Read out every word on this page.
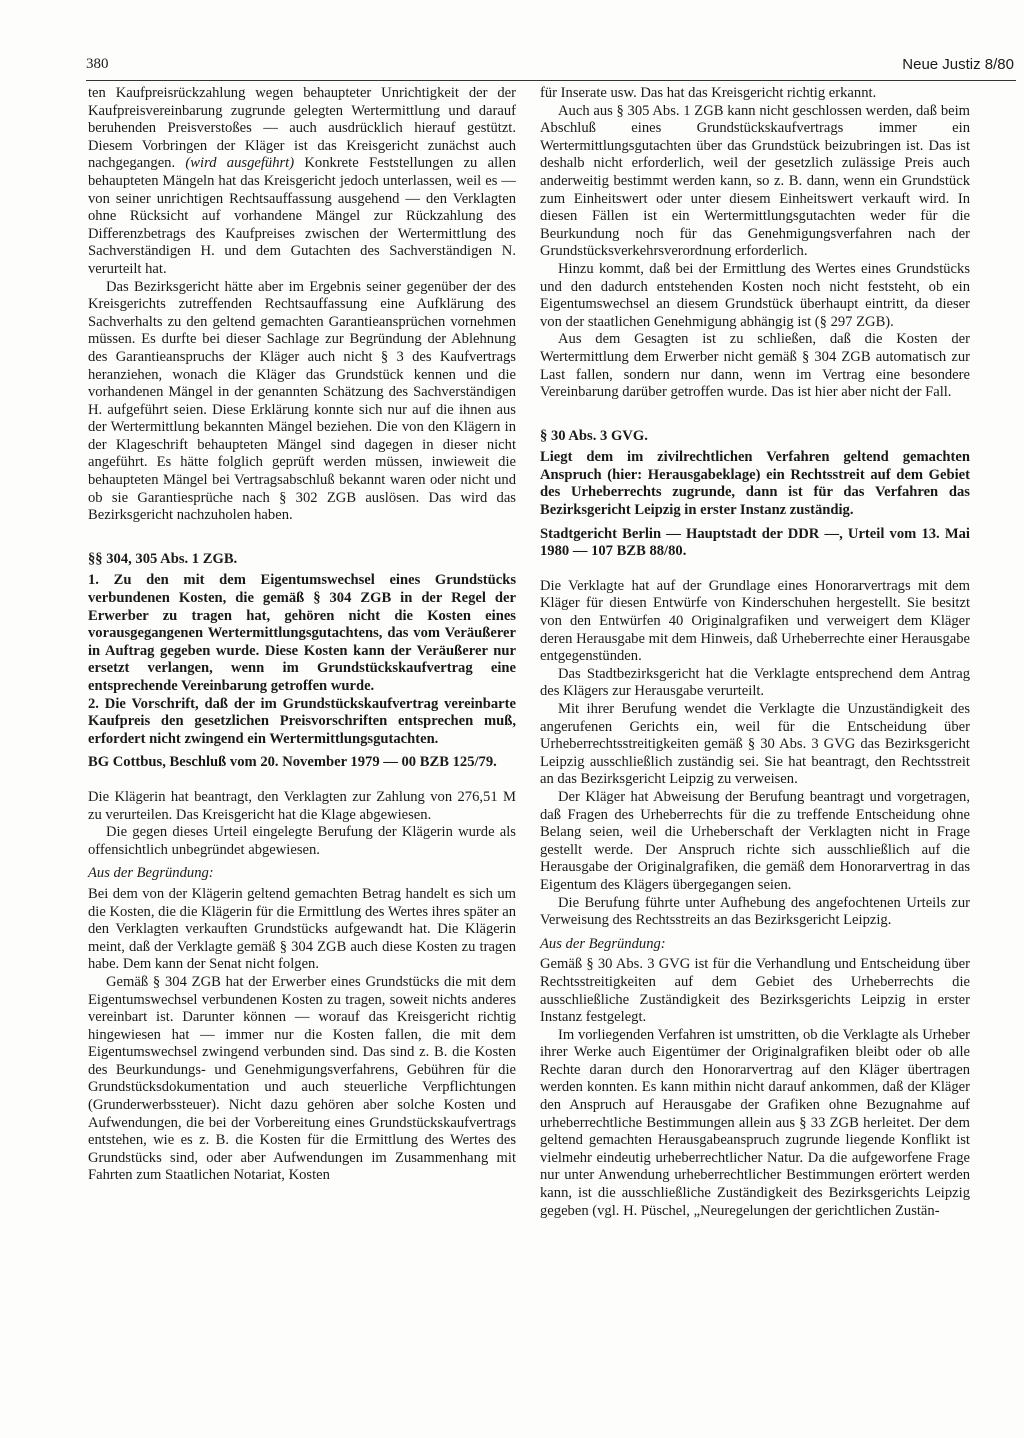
380	Neue Justiz 8/80

ten Kaufpreisrückzahlung wegen behaupteter Unrichtigkeit der der Kaufpreisvereinbarung zugrunde gelegten Wertermittlung und darauf beruhenden Preisverstoßes — auch ausdrücklich hierauf gestützt. Diesem Vorbringen der Kläger ist das Kreisgericht zunächst auch nachgegangen. (wird ausgeführt) Konkrete Feststellungen zu allen behaupteten Mängeln hat das Kreisgericht jedoch unterlassen, weil es — von seiner unrichtigen Rechtsauffassung ausgehend — den Verklagten ohne Rücksicht auf vorhandene Mängel zur Rückzahlung des Differenzbetrags des Kaufpreises zwischen der Wertermittlung des Sachverständigen H. und dem Gutachten des Sachverständigen N. verurteilt hat.

Das Bezirksgericht hätte aber im Ergebnis seiner gegenüber der des Kreisgerichts zutreffenden Rechtsauffassung eine Aufklärung des Sachverhalts zu den geltend gemachten Garantieansprüchen vornehmen müssen. Es durfte bei dieser Sachlage zur Begründung der Ablehnung des Garantieanspruchs der Kläger auch nicht § 3 des Kaufvertrags heranziehen, wonach die Kläger das Grundstück kennen und die vorhandenen Mängel in der genannten Schätzung des Sachverständigen H. aufgeführt seien. Diese Erklärung konnte sich nur auf die ihnen aus der Wertermittlung bekannten Mängel beziehen. Die von den Klägern in der Klageschrift behaupteten Mängel sind dagegen in dieser nicht angeführt. Es hätte folglich geprüft werden müssen, inwieweit die behaupteten Mängel bei Vertragsabschluß bekannt waren oder nicht und ob sie Garantiesprüche nach § 302 ZGB auslösen. Das wird das Bezirksgericht nachzuholen haben.

§§ 304, 305 Abs. 1 ZGB.

1. Zu den mit dem Eigentumswechsel eines Grundstücks verbundenen Kosten, die gemäß § 304 ZGB in der Regel der Erwerber zu tragen hat, gehören nicht die Kosten eines vorausgegangenen Wertermittlungsgutachtens, das vom Veräußerer in Auftrag gegeben wurde. Diese Kosten kann der Veräußerer nur ersetzt verlangen, wenn im Grundstückskaufvertrag eine entsprechende Vereinbarung getroffen wurde.

2. Die Vorschrift, daß der im Grundstückskaufvertrag vereinbarte Kaufpreis den gesetzlichen Preisvorschriften entsprechen muß, erfordert nicht zwingend ein Wertermittlungsgutachten.

BG Cottbus, Beschluß vom 20. November 1979 — 00 BZB 125/79.

Die Klägerin hat beantragt, den Verklagten zur Zahlung von 276,51 M zu verurteilen. Das Kreisgericht hat die Klage abgewiesen.

Die gegen dieses Urteil eingelegte Berufung der Klägerin wurde als offensichtlich unbegründet abgewiesen.

Aus der Begründung:

Bei dem von der Klägerin geltend gemachten Betrag handelt es sich um die Kosten, die die Klägerin für die Ermittlung des Wertes ihres später an den Verklagten verkauften Grundstücks aufgewandt hat. Die Klägerin meint, daß der Verklagte gemäß § 304 ZGB auch diese Kosten zu tragen habe. Dem kann der Senat nicht folgen.

Gemäß § 304 ZGB hat der Erwerber eines Grundstücks die mit dem Eigentumswechsel verbundenen Kosten zu tragen, soweit nichts anderes vereinbart ist. Darunter können — worauf das Kreisgericht richtig hingewiesen hat — immer nur die Kosten fallen, die mit dem Eigentumswechsel zwingend verbunden sind. Das sind z. B. die Kosten des Beurkundungs- und Genehmigungsverfahrens, Gebühren für die Grundstücksdokumentation und auch steuerliche Verpflichtungen (Grunderwerbssteuer). Nicht dazu gehören aber solche Kosten und Aufwendungen, die bei der Vorbereitung eines Grundstückskaufvertrags entstehen, wie es z. B. die Kosten für die Ermittlung des Wertes des Grundstücks sind, oder aber Aufwendungen im Zusammenhang mit Fahrten zum Staatlichen Notariat, Kosten

für Inserate usw. Das hat das Kreisgericht richtig erkannt.

Auch aus § 305 Abs. 1 ZGB kann nicht geschlossen werden, daß beim Abschluß eines Grundstückskaufvertrags immer ein Wertermittlungsgutachten über das Grundstück beizubringen ist. Das ist deshalb nicht erforderlich, weil der gesetzlich zulässige Preis auch anderweitig bestimmt werden kann, so z. B. dann, wenn ein Grundstück zum Einheitswert oder unter diesem Einheitswert verkauft wird. In diesen Fällen ist ein Wertermittlungsgutachten weder für die Beurkundung noch für das Genehmigungsverfahren nach der Grundstücksverkehrsverordnung erforderlich.

Hinzu kommt, daß bei der Ermittlung des Wertes eines Grundstücks und den dadurch entstehenden Kosten noch nicht feststeht, ob ein Eigentumswechsel an diesem Grundstück überhaupt eintritt, da dieser von der staatlichen Genehmigung abhängig ist (§ 297 ZGB).

Aus dem Gesagten ist zu schließen, daß die Kosten der Wertermittlung dem Erwerber nicht gemäß § 304 ZGB automatisch zur Last fallen, sondern nur dann, wenn im Vertrag eine besondere Vereinbarung darüber getroffen wurde. Das ist hier aber nicht der Fall.

§ 30 Abs. 3 GVG.

Liegt dem im zivilrechtlichen Verfahren geltend gemachten Anspruch (hier: Herausgabeklage) ein Rechtsstreit auf dem Gebiet des Urheberrechts zugrunde, dann ist für das Verfahren das Bezirksgericht Leipzig in erster Instanz zuständig.

Stadtgericht Berlin — Hauptstadt der DDR —, Urteil vom 13. Mai 1980 — 107 BZB 88/80.

Die Verklagte hat auf der Grundlage eines Honorarvertrags mit dem Kläger für diesen Entwürfe von Kinderschuhen hergestellt. Sie besitzt von den Entwürfen 40 Originalgrafiken und verweigert dem Kläger deren Herausgabe mit dem Hinweis, daß Urheberrechte einer Herausgabe entgegenstünden.

Das Stadtbezirksgericht hat die Verklagte entsprechend dem Antrag des Klägers zur Herausgabe verurteilt.

Mit ihrer Berufung wendet die Verklagte die Unzuständigkeit des angerufenen Gerichts ein, weil für die Entscheidung über Urheberrechtsstreitigkeiten gemäß § 30 Abs. 3 GVG das Bezirksgericht Leipzig ausschließlich zuständig sei. Sie hat beantragt, den Rechtsstreit an das Bezirksgericht Leipzig zu verweisen.

Der Kläger hat Abweisung der Berufung beantragt und vorgetragen, daß Fragen des Urheberrechts für die zu treffende Entscheidung ohne Belang seien, weil die Urheberschaft der Verklagten nicht in Frage gestellt werde. Der Anspruch richte sich ausschließlich auf die Herausgabe der Originalgrafiken, die gemäß dem Honorarvertrag in das Eigentum des Klägers übergegangen seien.

Die Berufung führte unter Aufhebung des angefochtenen Urteils zur Verweisung des Rechtsstreits an das Bezirksgericht Leipzig.

Aus der Begründung:

Gemäß § 30 Abs. 3 GVG ist für die Verhandlung und Entscheidung über Rechtsstreitigkeiten auf dem Gebiet des Urheberrechts die ausschließliche Zuständigkeit des Bezirksgerichts Leipzig in erster Instanz festgelegt.

Im vorliegenden Verfahren ist umstritten, ob die Verklagte als Urheber ihrer Werke auch Eigentümer der Originalgrafiken bleibt oder ob alle Rechte daran durch den Honorarvertrag auf den Kläger übertragen werden konnten. Es kann mithin nicht darauf ankommen, daß der Kläger den Anspruch auf Herausgabe der Grafiken ohne Bezugnahme auf urheberrechtliche Bestimmungen allein aus § 33 ZGB herleitet. Der dem geltend gemachten Herausgabeanspruch zugrunde liegende Konflikt ist vielmehr eindeutig urheberrechtlicher Natur. Da die aufgeworfene Frage nur unter Anwendung urheberrechtlicher Bestimmungen erörtert werden kann, ist die ausschließliche Zuständigkeit des Bezirksgerichts Leipzig gegeben (vgl. H. Püschel, „Neuregelungen der gerichtlichen Zustän-
